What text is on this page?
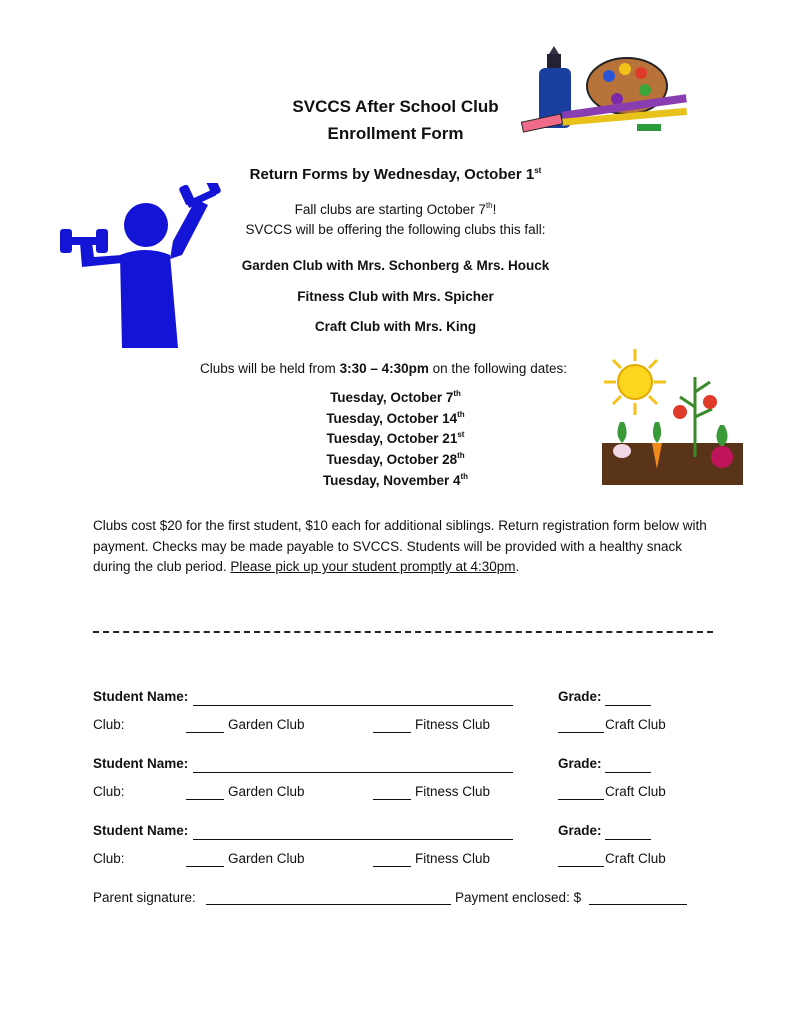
SVCCS After School Club
Enrollment Form
Return Forms by Wednesday, October 1st
Fall clubs are starting October 7th!
SVCCS will be offering the following clubs this fall:
Garden Club with Mrs. Schonberg & Mrs. Houck
Fitness Club with Mrs. Spicher
Craft Club with Mrs. King
Clubs will be held from 3:30 – 4:30pm on the following dates:
Tuesday, October 7th
Tuesday, October 14th
Tuesday, October 21st
Tuesday, October 28th
Tuesday, November 4th
Clubs cost $20 for the first student, $10 each for additional siblings. Return registration form below with payment. Checks may be made payable to SVCCS. Students will be provided with a healthy snack during the club period. Please pick up your student promptly at 4:30pm.
Student Name:	Grade:
Club:	Garden Club	Fitness Club	Craft Club
Student Name:	Grade:
Club:	Garden Club	Fitness Club	Craft Club
Student Name:	Grade:
Club:	Garden Club	Fitness Club	Craft Club
Parent signature:	Payment enclosed: $
